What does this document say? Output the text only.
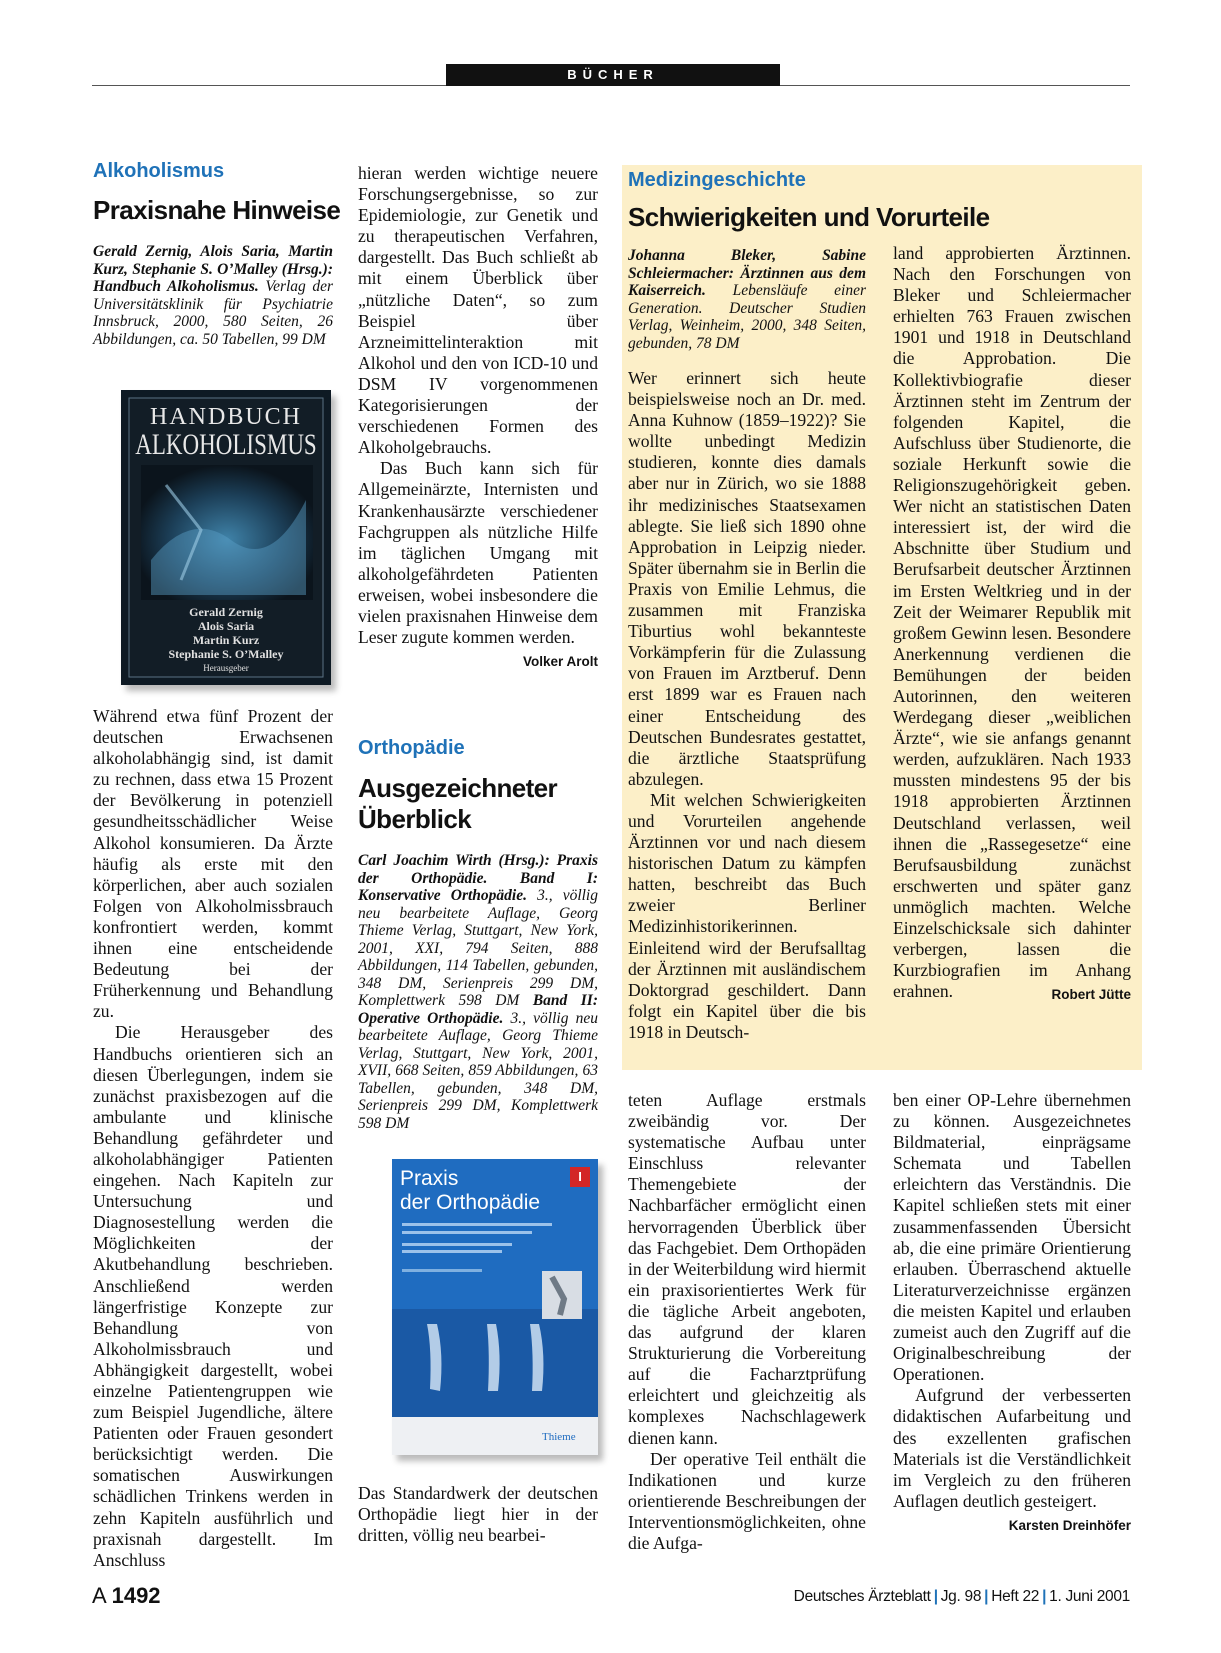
BÜCHER
Alkoholismus
Praxisnahe Hinweise
Gerald Zernig, Alois Saria, Martin Kurz, Stephanie S. O’Malley (Hrsg.): Handbuch Alkoholismus. Verlag der Universitätsklinik für Psychiatrie Innsbruck, 2000, 580 Seiten, 26 Abbildungen, ca. 50 Tabellen, 99 DM
HANDBUCH
ALKOHOLISMUS
Gerald Zernig
Alois Saria
Martin Kurz
Stephanie S. O’Malley
Herausgeber

Während etwa fünf Prozent der deutschen Erwachsenen alkoholabhängig sind, ist damit zu rechnen, dass etwa 15 Prozent der Bevölkerung in potenziell gesundheitsschädlicher Weise Alkohol konsumieren. Da Ärzte häufig als erste mit den körperlichen, aber auch sozialen Folgen von Alkoholmissbrauch konfrontiert werden, kommt ihnen eine entscheidende Bedeutung bei der Früherkennung und Behandlung zu.

Die Herausgeber des Handbuchs orientieren sich an diesen Überlegungen, indem sie zunächst praxisbezogen auf die ambulante und klinische Behandlung gefährdeter und alkoholabhängiger Patienten eingehen. Nach Kapiteln zur Untersuchung und Diagnosestellung werden die Möglichkeiten der Akutbehandlung beschrieben. Anschließend werden längerfristige Konzepte zur Behandlung von Alkoholmissbrauch und Abhängigkeit dargestellt, wobei einzelne Patientengruppen wie zum Beispiel Jugendliche, ältere Patienten oder Frauen gesondert berücksichtigt werden. Die somatischen Auswirkungen schädlichen Trinkens werden in zehn Kapiteln ausführlich und praxisnah dargestellt. Im Anschluss

hieran werden wichtige neuere Forschungsergebnisse, so zur Epidemiologie, zur Genetik und zu therapeutischen Verfahren, dargestellt. Das Buch schließt ab mit einem Überblick über „nützliche Daten“, so zum Beispiel über Arzneimittelinteraktion mit Alkohol und den von ICD-10 und DSM IV vorgenommenen Kategorisierungen der verschiedenen Formen des Alkoholgebrauchs.

Das Buch kann sich für Allgemeinärzte, Internisten und Krankenhausärzte verschiedener Fachgruppen als nützliche Hilfe im täglichen Umgang mit alkoholgefährdeten Patienten erweisen, wobei insbesondere die vielen praxisnahen Hinweise dem Leser zugute kommen werden.
Volker Arolt

Orthopädie
Ausgezeichneter
Überblick
Carl Joachim Wirth (Hrsg.): Praxis der Orthopädie. Band I: Konservative Orthopädie. 3., völlig neu bearbeitete Auflage, Georg Thieme Verlag, Stuttgart, New York, 2001, XXI, 794 Seiten, 888 Abbildungen, 114 Tabellen, gebunden, 348 DM, Serienpreis 299 DM, Komplettwerk 598 DM Band II: Operative Orthopädie. 3., völlig neu bearbeitete Auflage, Georg Thieme Verlag, Stuttgart, New York, 2001, XVII, 668 Seiten, 859 Abbildungen, 63 Tabellen, gebunden, 348 DM, Serienpreis 299 DM, Komplettwerk 598 DM
Praxis
der Orthopädie
I
Thieme

Das Standardwerk der deutschen Orthopädie liegt hier in der dritten, völlig neu bearbei-

Medizingeschichte
Schwierigkeiten und Vorurteile
Johanna Bleker, Sabine Schleiermacher: Ärztinnen aus dem Kaiserreich. Lebensläufe einer Generation. Deutscher Studien Verlag, Weinheim, 2000, 348 Seiten, gebunden, 78 DM

Wer erinnert sich heute beispielsweise noch an Dr. med. Anna Kuhnow (1859–1922)? Sie wollte unbedingt Medizin studieren, konnte dies damals aber nur in Zürich, wo sie 1888 ihr medizinisches Staatsexamen ablegte. Sie ließ sich 1890 ohne Approbation in Leipzig nieder. Später übernahm sie in Berlin die Praxis von Emilie Lehmus, die zusammen mit Franziska Tiburtius wohl bekannteste Vorkämpferin für die Zulassung von Frauen im Arztberuf. Denn erst 1899 war es Frauen nach einer Entscheidung des Deutschen Bundesrates gestattet, die ärztliche Staatsprüfung abzulegen.

Mit welchen Schwierigkeiten und Vorurteilen angehende Ärztinnen vor und nach diesem historischen Datum zu kämpfen hatten, beschreibt das Buch zweier Berliner Medizinhistorikerinnen. Einleitend wird der Berufsalltag der Ärztinnen mit ausländischem Doktorgrad geschildert. Dann folgt ein Kapitel über die bis 1918 in Deutsch-

land approbierten Ärztinnen. Nach den Forschungen von Bleker und Schleiermacher erhielten 763 Frauen zwischen 1901 und 1918 in Deutschland die Approbation. Die Kollektivbiografie dieser Ärztinnen steht im Zentrum der folgenden Kapitel, die Aufschluss über Studienorte, die soziale Herkunft sowie die Religionszugehörigkeit geben. Wer nicht an statistischen Daten interessiert ist, der wird die Abschnitte über Studium und Berufsarbeit deutscher Ärztinnen im Ersten Weltkrieg und in der Zeit der Weimarer Republik mit großem Gewinn lesen. Besondere Anerkennung verdienen die Bemühungen der beiden Autorinnen, den weiteren Werdegang dieser „weiblichen Ärzte“, wie sie anfangs genannt werden, aufzuklären. Nach 1933 mussten mindestens 95 der bis 1918 approbierten Ärztinnen Deutschland verlassen, weil ihnen die „Rassegesetze“ eine Berufsausbildung zunächst erschwerten und später ganz unmöglich machten. Welche Einzelschicksale sich dahinter verbergen, lassen die Kurzbiografien im Anhang erahnen.	Robert Jütte

teten Auflage erstmals zweibändig vor. Der systematische Aufbau unter Einschluss relevanter Themengebiete der Nachbarfächer ermöglicht einen hervorragenden Überblick über das Fachgebiet. Dem Orthopäden in der Weiterbildung wird hiermit ein praxisorientiertes Werk für die tägliche Arbeit angeboten, das aufgrund der klaren Strukturierung die Vorbereitung auf die Facharztprüfung erleichtert und gleichzeitig als komplexes Nachschlagewerk dienen kann.

Der operative Teil enthält die Indikationen und kurze orientierende Beschreibungen der Interventionsmöglichkeiten, ohne die Aufga-

ben einer OP-Lehre übernehmen zu können. Ausgezeichnetes Bildmaterial, einprägsame Schemata und Tabellen erleichtern das Verständnis. Die Kapitel schließen stets mit einer zusammenfassenden Übersicht ab, die eine primäre Orientierung erlauben. Überraschend aktuelle Literaturverzeichnisse ergänzen die meisten Kapitel und erlauben zumeist auch den Zugriff auf die Originalbeschreibung der Operationen.

Aufgrund der verbesserten didaktischen Aufarbeitung und des exzellenten grafischen Materials ist die Verständlichkeit im Vergleich zu den früheren Auflagen deutlich gesteigert.
Karsten Dreinhöfer

A 1492	Deutsches Ärzteblatt | Jg. 98 | Heft 22 | 1. Juni 2001
